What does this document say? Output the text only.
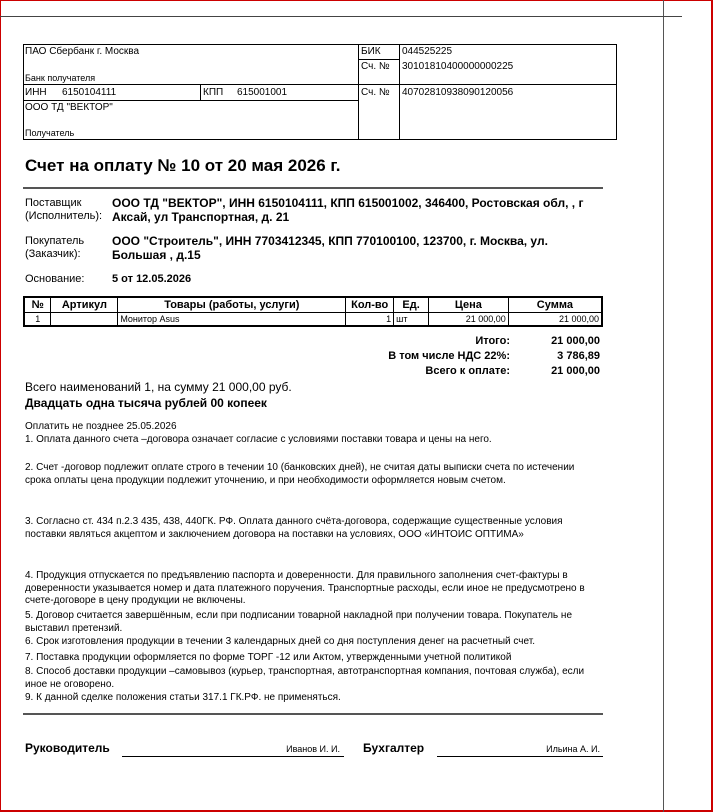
ПАО Сбербанк г. Москва
Банк получателя
БИК 044525225
Сч. № 30101810400000000225
ИНН 6150104111	КПП 615001001	Сч. № 40702810938090120056
ООО ТД "ВЕКТОР"
Получатель
Счет на оплату № 10 от 20 мая 2026 г.
Поставщик
(Исполнитель):
ООО ТД "ВЕКТОР", ИНН 6150104111, КПП 615001002, 346400, Ростовская обл, , г
Аксай, ул Транспортная, д. 21
Покупатель
(Заказчик):
ООО "Строитель", ИНН 7703412345, КПП 770100100, 123700, г. Москва, ул.
Большая , д.15
Основание:	5 от 12.05.2026
№	Артикул	Товары (работы, услуги)	Кол-во	Ед.	Цена	Сумма
1		Монитор Asus	1	шт	21 000,00	21 000,00
Итого:	21 000,00
В том числе НДС 22%:	3 786,89
Всего к оплате:	21 000,00
Всего наименований 1, на сумму 21 000,00 руб.
Двадцать одна тысяча рублей 00 копеек
Оплатить не позднее 25.05.2026
1. Оплата данного счета –договора означает согласие с условиями поставки товара и цены на него.
2. Счет -договор подлежит оплате строго в течении 10 (банковских дней), не считая даты выписки счета по истечении срока оплаты цена продукции подлежит уточнению, и при необходимости оформляется новым счетом.
3. Согласно ст. 434 п.2.3 435, 438, 440ГК. РФ. Оплата данного счёта-договора, содержащие существенные условия поставки являться акцептом и заключением договора на поставки на условиях, ООО «ИНТОИС ОПТИМА»
4. Продукция отпускается по предъявлению паспорта и доверенности. Для правильного заполнения счет-фактуры в доверенности указывается номер и дата платежного поручения. Транспортные расходы, если иное не предусмотрено в счете-договоре в цену продукции не включены.
5. Договор считается завершённым, если при подписании товарной накладной при получении товара. Покупатель не выставил претензий.
6. Срок изготовления продукции в течении 3 календарных дней со дня поступления денег на расчетный счет.
7. Поставка продукции оформляется по форме ТОРГ -12 или Актом, утвержденными учетной политикой
8. Способ доставки продукции –самовывоз (курьер, транспортная, автотранспортная компания, почтовая служба), если иное не оговорено.
9. К данной сделке положения статьи 317.1 ГК.РФ. не применяться.
Руководитель	Иванов И. И. Бухгалтер	Ильина А. И.
